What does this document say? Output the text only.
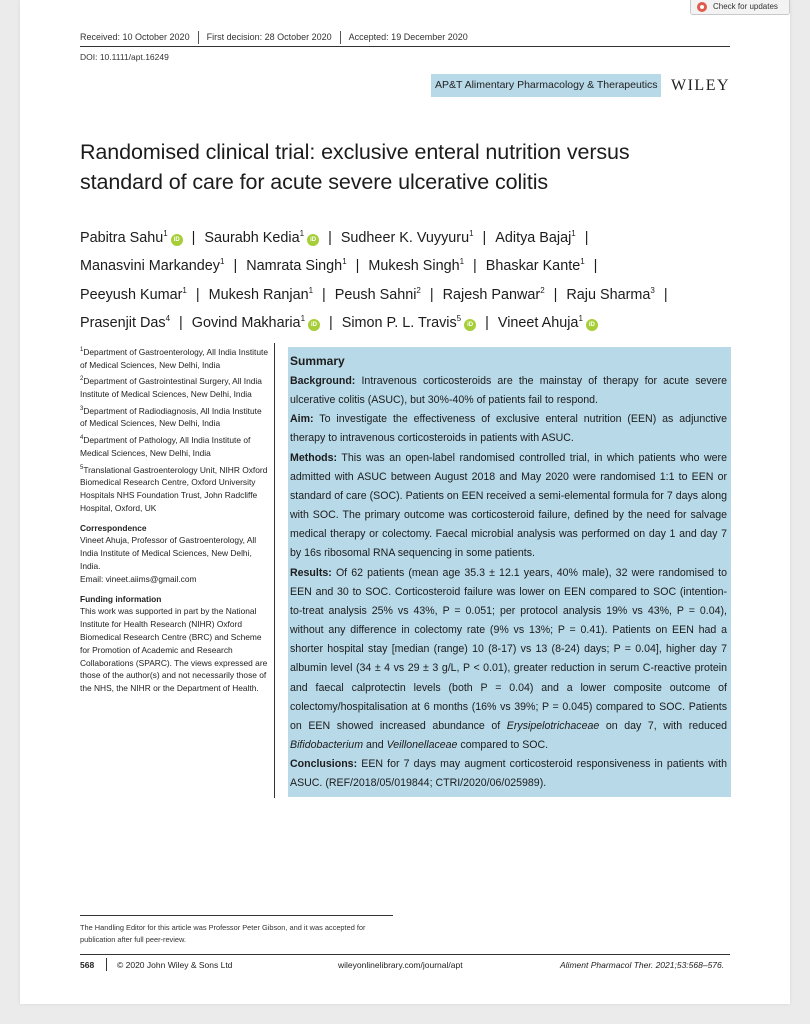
Received: 10 October 2020 First decision: 28 October 2020 Accepted: 19 December 2020
DOI: 10.1111/apt.16249
AP&T Alimentary Pharmacology & Therapeutics WILEY
Randomised clinical trial: exclusive enteral nutrition versus
standard of care for acute severe ulcerative colitis
Pabitra Sahu$^1$iD | Saurabh Kedia$^1$iD | Sudheer K. Vuyyuru$^1$ | Aditya Bajaj$^1$ |
Manasvini Markandey$^1$ | Namrata Singh$^1$ | Mukesh Singh$^1$ | Bhaskar Kante$^1$ |
Peeyush Kumar$^1$ | Mukesh Ranjan$^1$ | Peush Sahni$^2$ | Rajesh Panwar$^2$ | Raju Sharma$^3$ |
Prasenjit Das$^4$ | Govind Makharia$^1$iD | Simon P. L. Travis$^5$iD | Vineet Ahuja$^1$iD
$^1$Department of Gastroenterology, All India Institute of Medical Sciences, New Delhi, India
$^2$Department of Gastrointestinal Surgery, All India Institute of Medical Sciences, New Delhi, India
$^3$Department of Radiodiagnosis, All India Institute of Medical Sciences, New Delhi, India
$^4$Department of Pathology, All India Institute of Medical Sciences, New Delhi, India
$^5$Translational Gastroenterology Unit, NIHR Oxford Biomedical Research Centre, Oxford University Hospitals NHS Foundation Trust, John Radcliffe Hospital, Oxford, UK
Correspondence
Vineet Ahuja, Professor of Gastroenterology, All India Institute of Medical Sciences, New Delhi, India.
Email: vineet.aiims@gmail.com
Funding information
This work was supported in part by the National Institute for Health Research (NIHR) Oxford Biomedical Research Centre (BRC) and Scheme for Promotion of Academic and Research Collaborations (SPARC). The views expressed are those of the author(s) and not necessarily those of the NHS, the NIHR or the Department of Health.
Summary

Background: Intravenous corticosteroids are the mainstay of therapy for acute severe ulcerative colitis (ASUC), but 30%-40% of patients fail to respond.

Aim: To investigate the effectiveness of exclusive enteral nutrition (EEN) as adjunctive therapy to intravenous corticosteroids in patients with ASUC.

Methods: This was an open-label randomised controlled trial, in which patients who were admitted with ASUC between August 2018 and May 2020 were randomised 1:1 to EEN or standard of care (SOC). Patients on EEN received a semi-elemental formula for 7 days along with SOC. The primary outcome was corticosteroid failure, defined by the need for salvage medical therapy or colectomy. Faecal microbial analysis was performed on day 1 and day 7 by 16s ribosomal RNA sequencing in some patients.

Results: Of 62 patients (mean age 35.3 ± 12.1 years, 40% male), 32 were randomised to EEN and 30 to SOC. Corticosteroid failure was lower on EEN compared to SOC (intention-to-treat analysis 25% vs 43%, P = 0.051; per protocol analysis 19% vs 43%, P = 0.04), without any difference in colectomy rate (9% vs 13%; P = 0.41). Patients on EEN had a shorter hospital stay [median (range) 10 (8-17) vs 13 (8-24) days; P = 0.04], higher day 7 albumin level (34 ± 4 vs 29 ± 3 g/L, P < 0.01), greater reduction in serum C-reactive protein and faecal calprotectin levels (both P = 0.04) and a lower composite outcome of colectomy/hospitalisation at 6 months (16% vs 39%; P = 0.045) compared to SOC. Patients on EEN showed increased abundance of Erysipelotrichaceae on day 7, with reduced Bifidobacterium and Veillonellaceae compared to SOC.

Conclusions: EEN for 7 days may augment corticosteroid responsiveness in patients with ASUC. (REF/2018/05/019844; CTRI/2020/06/025989).

The Handling Editor for this article was Professor Peter Gibson, and it was accepted for publication after full peer-review.
568	© 2020 John Wiley & Sons Ltd	wileyonlinelibrary.com/journal/apt	Aliment Pharmacol Ther. 2021;53:568–576.
Check for updates
